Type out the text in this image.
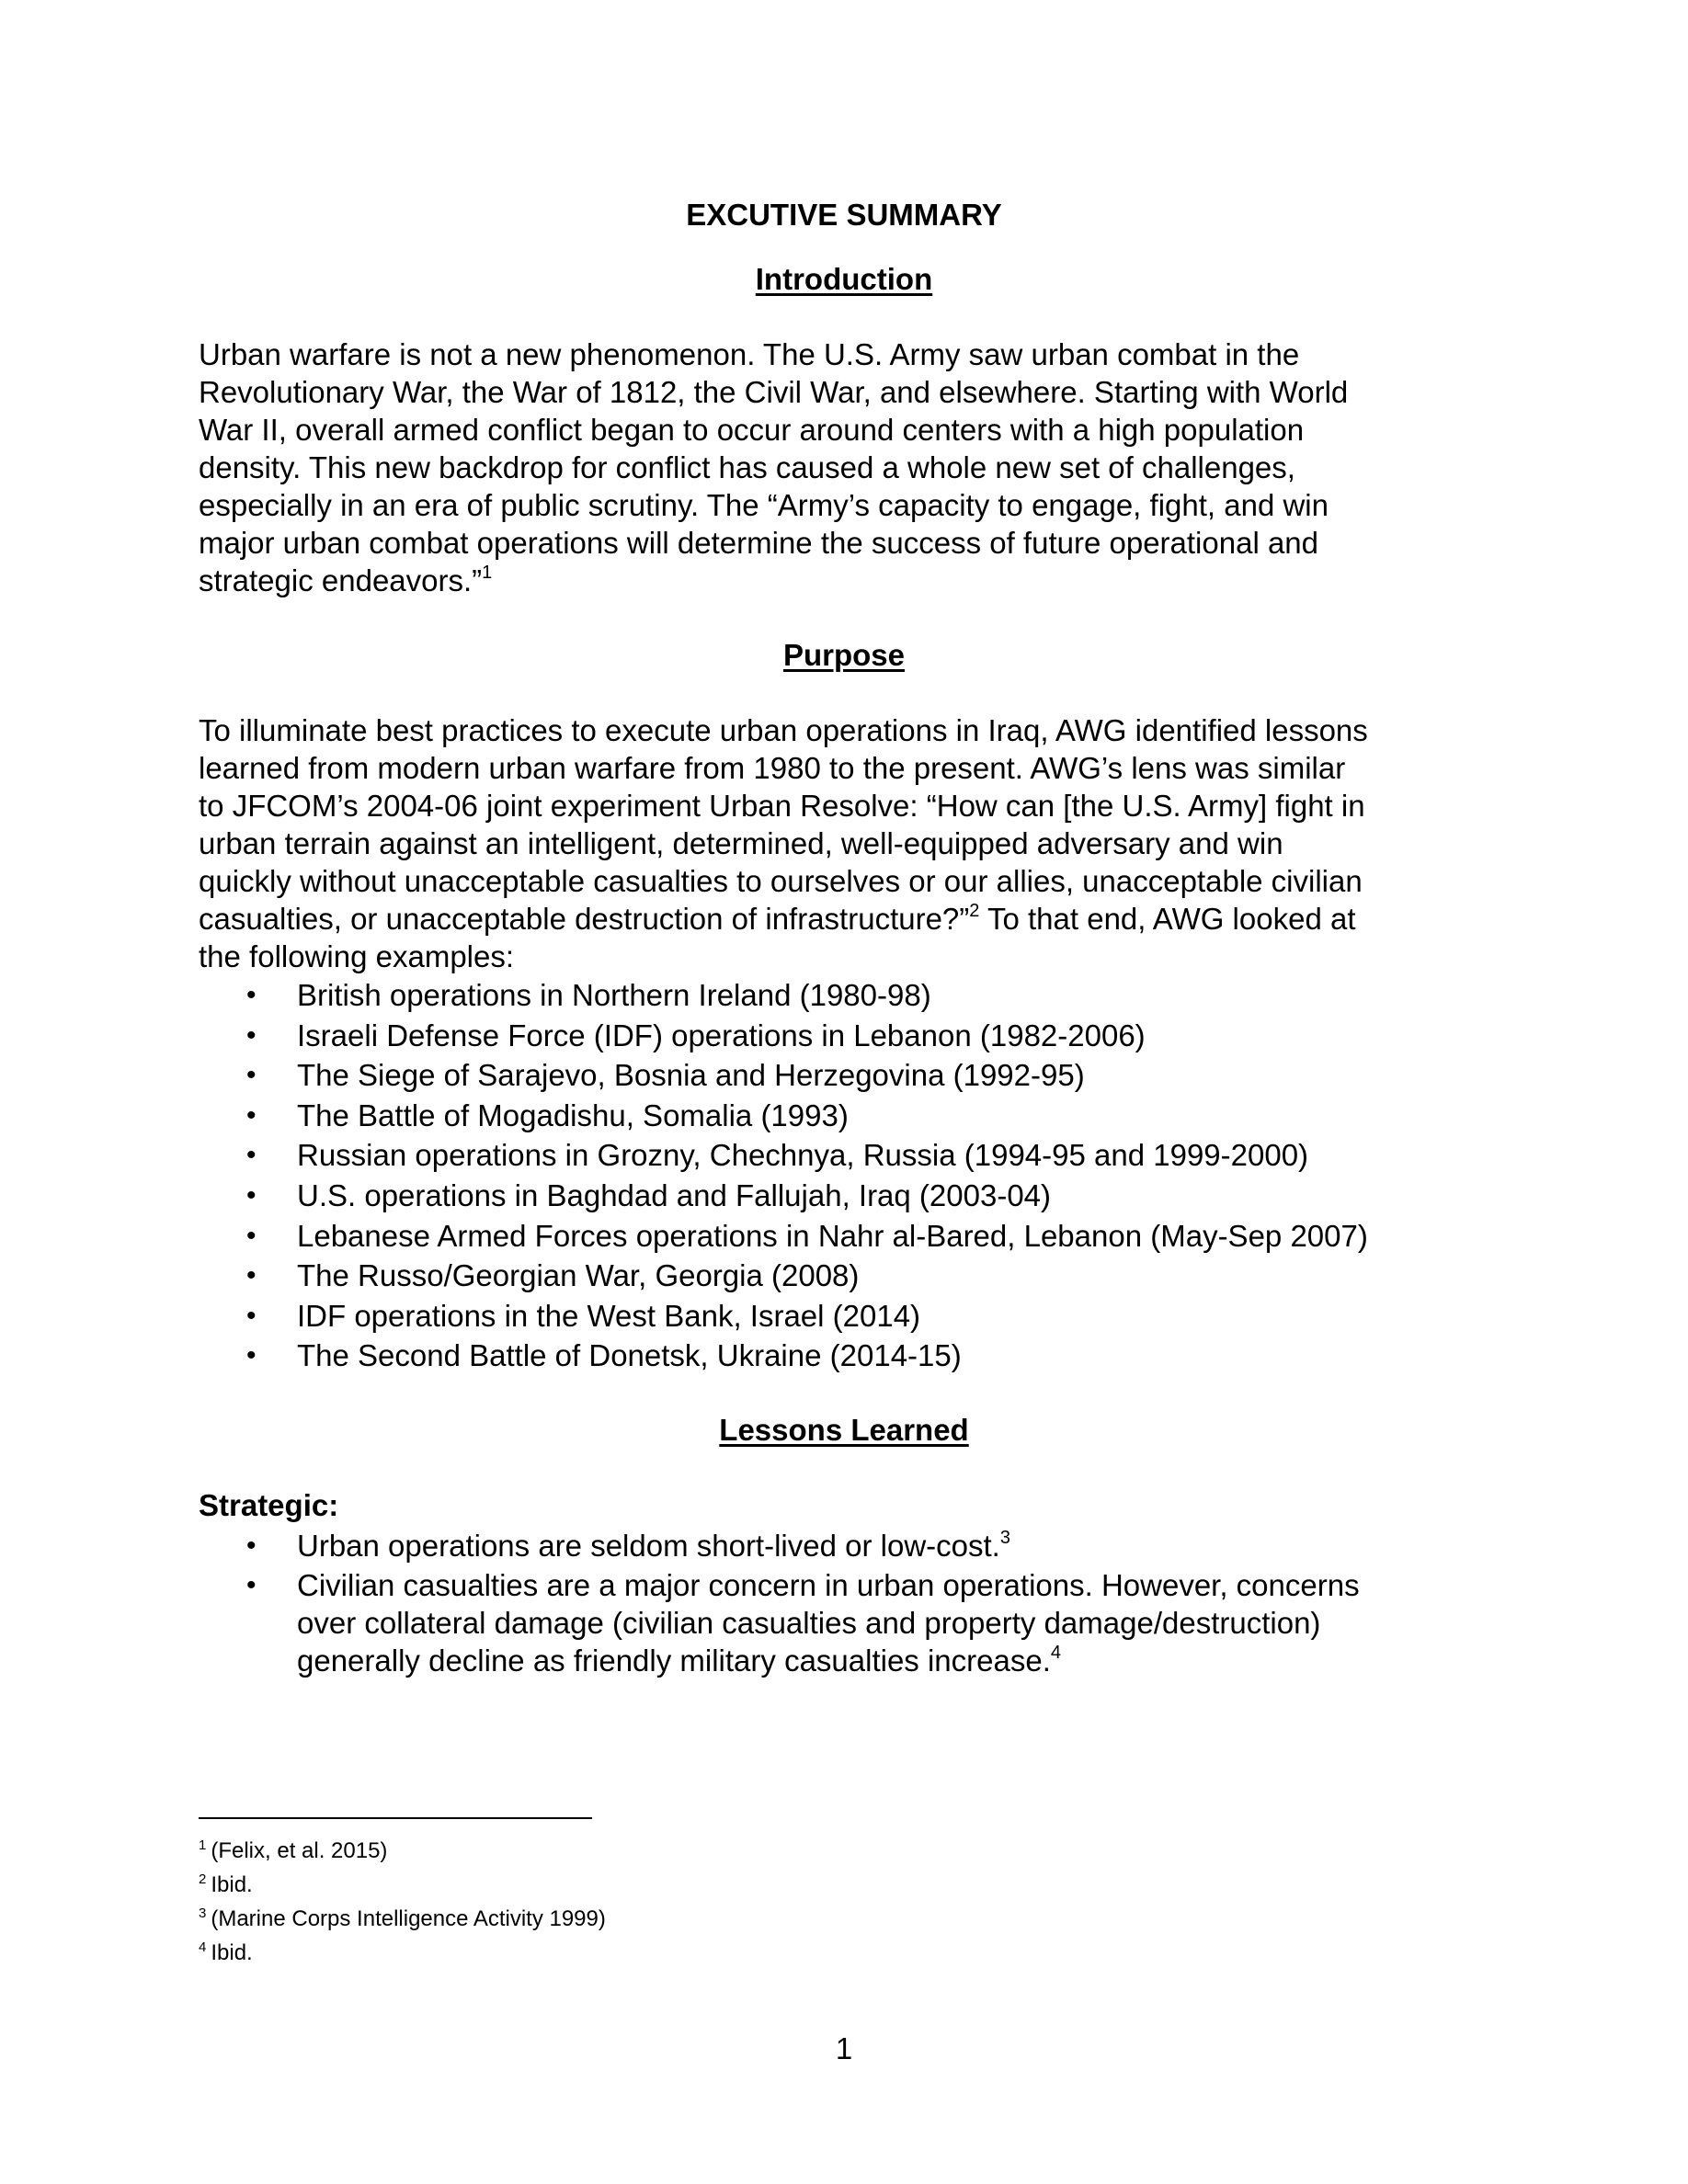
EXCUTIVE SUMMARY
Introduction

Urban warfare is not a new phenomenon. The U.S. Army saw urban combat in the

Revolutionary War, the War of 1812, the Civil War, and elsewhere. Starting with World

War II, overall armed conflict began to occur around centers with a high population

density. This new backdrop for conflict has caused a whole new set of challenges,

especially in an era of public scrutiny. The “Army’s capacity to engage, fight, and win

major urban combat operations will determine the success of future operational and

strategic endeavors.”$^1$

Purpose

To illuminate best practices to execute urban operations in Iraq, AWG identified lessons

learned from modern urban warfare from 1980 to the present. AWG’s lens was similar

to JFCOM’s 2004-06 joint experiment Urban Resolve: “How can [the U.S. Army] fight in

urban terrain against an intelligent, determined, well-equipped adversary and win

quickly without unacceptable casualties to ourselves or our allies, unacceptable civilian

casualties, or unacceptable destruction of infrastructure?”$^2$ To that end, AWG looked at

the following examples:

• British operations in Northern Ireland (1980-98)
• Israeli Defense Force (IDF) operations in Lebanon (1982-2006)
• The Siege of Sarajevo, Bosnia and Herzegovina (1992-95)
• The Battle of Mogadishu, Somalia (1993)
• Russian operations in Grozny, Chechnya, Russia (1994-95 and 1999-2000)
• U.S. operations in Baghdad and Fallujah, Iraq (2003-04)
• Lebanese Armed Forces operations in Nahr al-Bared, Lebanon (May-Sep 2007)
• The Russo/Georgian War, Georgia (2008)
• IDF operations in the West Bank, Israel (2014)
• The Second Battle of Donetsk, Ukraine (2014-15)
Lessons Learned
Strategic:
• Urban operations are seldom short-lived or low-cost.$^3$
• Civilian casualties are a major concern in urban operations. However, concerns
over collateral damage (civilian casualties and property damage/destruction)
generally decline as friendly military casualties increase.$^4$
$^1$ (Felix, et al. 2015)
$^2$ Ibid.
$^3$ (Marine Corps Intelligence Activity 1999)
$^4$ Ibid.
1
